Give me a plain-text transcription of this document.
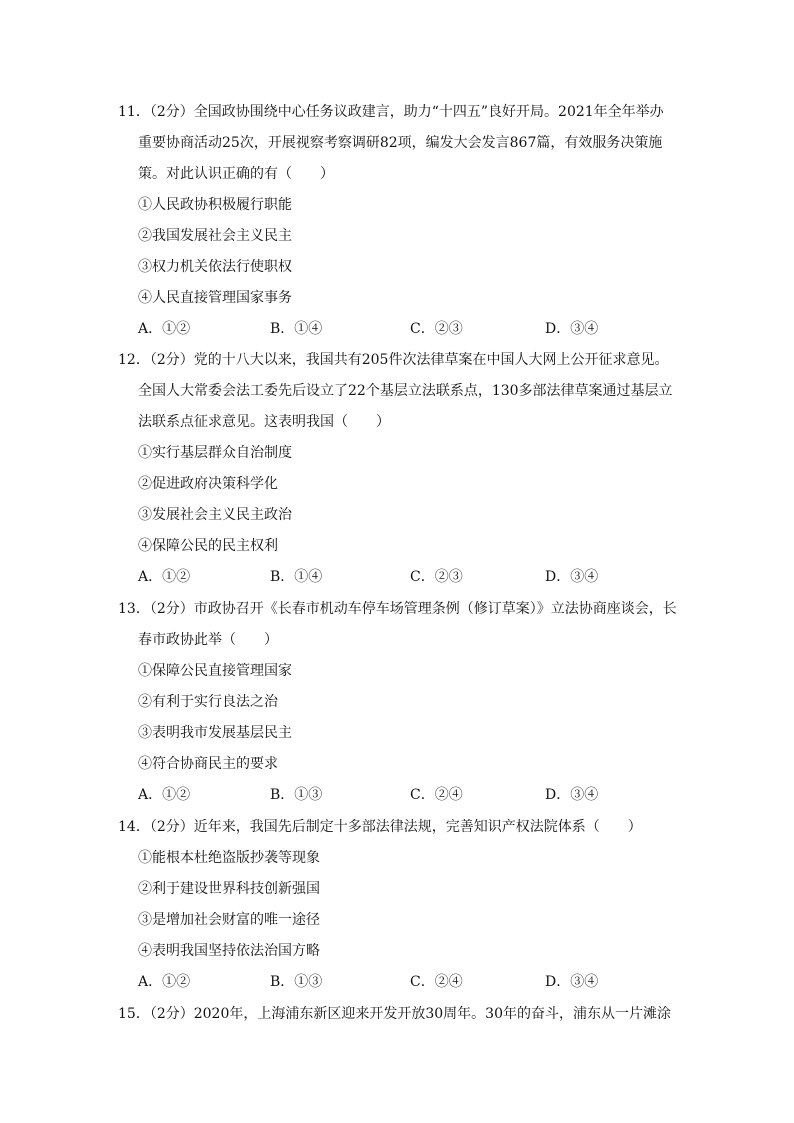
11．（2分）全国政协围绕中心任务议政建言，助力“十四五”良好开局。2021年全年举办
重要协商活动25次，开展视察考察调研82项，编发大会发言867篇，有效服务决策施
策。对此认识正确的有（　　）
①人民政协积极履行职能
②我国发展社会主义民主
③权力机关依法行使职权
④人民直接管理国家事务
A．①②	B．①④	C．②③	D．③④
12．（2分）党的十八大以来，我国共有205件次法律草案在中国人大网上公开征求意见。
全国人大常委会法工委先后设立了22个基层立法联系点，130多部法律草案通过基层立
法联系点征求意见。这表明我国（　　）
①实行基层群众自治制度
②促进政府决策科学化
③发展社会主义民主政治
④保障公民的民主权利
A．①②	B．①④	C．②③	D．③④
13．（2分）市政协召开《长春市机动车停车场管理条例（修订草案）》立法协商座谈会，长
春市政协此举（　　）
①保障公民直接管理国家
②有利于实行良法之治
③表明我市发展基层民主
④符合协商民主的要求
A．①②	B．①③	C．②④	D．③④
14．（2分）近年来，我国先后制定十多部法律法规，完善知识产权法院体系（　　）
①能根本杜绝盗版抄袭等现象
②利于建设世界科技创新强国
③是增加社会财富的唯一途径
④表明我国坚持依法治国方略
A．①②	B．①③	C．②④	D．③④
15．（2分）2020年，上海浦东新区迎来开发开放30周年。30年的奋斗，浦东从一片滩涂
